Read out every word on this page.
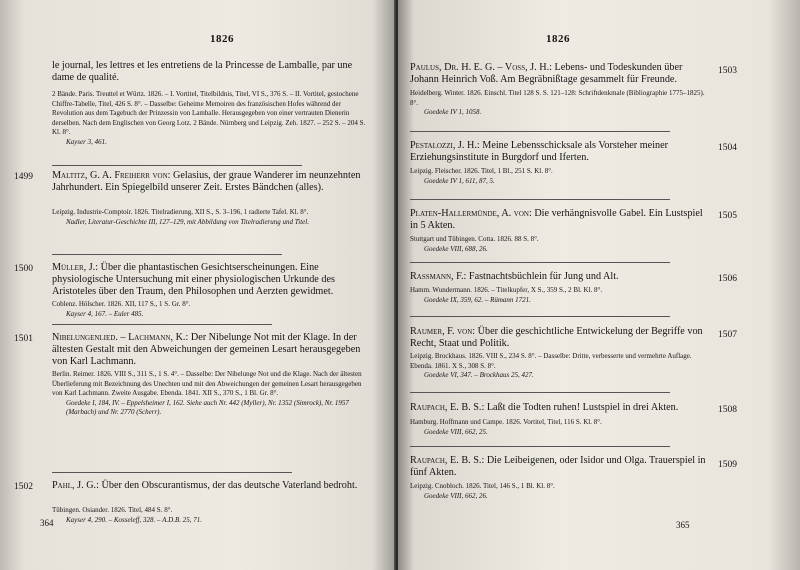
1826
le journal, les lettres et les entretiens de la Princesse de Lamballe, par une dame de qualité.
2 Bände. Paris. Treuttel et Würtz. 1826. – I. Vortitel, Titelbildnis, Titel, VI S., 376 S. – II. Vortitel, gestochene Chiffre-Tabelle, Titel, 426 S. 8°. – Dasselbe: Geheime Memoiren des französischen Hofes während der Revolution aus dem Tagebuch der Prinzessin von Lamballe. Herausgegeben von einer vertrauten Dienerin derselben. Nach dem Englischen von Georg Lotz. 2 Bände. Nürnberg und Leipzig. Zeh. 1827. – 252 S. – 204 S. Kl. 8°.
Kayser 3, 461.
1499 Maltitz, G. A. Freiherr von: Gelasius, der graue Wanderer im neunzehnten Jahrhundert. Ein Spiegelbild unserer Zeit. Erstes Bändchen (alles).
Leipzig. Industrie-Comptoir. 1826. Titelradierung, XII S., S. 3–196, 1 radierte Tafel. Kl. 8°.
Nadler, Literatur-Geschichte III, 127–129, mit Abbildung von Titelradierung und Titel.
1500 Müller, J.: Über die phantastischen Gesichtserscheinungen. Eine physiologische Untersuchung mit einer physiologischen Urkunde des Aristoteles über den Traum, den Philosophen und Aerzten gewidmet.
Coblenz. Hölscher. 1826. XII, 117 S., 1 S. Gr. 8°.
Kayser 4, 167. – Euler 485.
1501 Nibelungenlied. – Lachmann, K.: Der Nibelunge Not mit der Klage. In der ältesten Gestalt mit den Abweichungen der gemeinen Lesart herausgegeben von Karl Lachmann.
Berlin. Reimer. 1826. VIII S., 311 S., 1 S. 4°. – Dasselbe: Der Nibelunge Not und die Klage. Nach der ältesten Überlieferung mit Bezeichnung des Unechten und mit den Abweichungen der gemeinen Lesart herausgegeben von Karl Lachmann. Zweite Ausgabe. Ebenda. 1841. XII S., 370 S., 1 Bl. Gr. 8°.
Goedeke I, 184, IV. – Eppelsheimer I, 162. Siehe auch Nr. 442 (Myller), Nr. 1352 (Simrock), Nr. 1957 (Marbach) und Nr. 2770 (Scherr).
1502 Pahl, J. G.: Über den Obscurantismus, der das deutsche Vaterland bedroht.
Tübingen. Osiander. 1826. Titel, 484 S. 8°.
Kayser 4, 290. – Kosseleff, 328. – A.D.B. 25, 71.
364
1826
1503
Paulus, Dr. H. E. G. – Voss, J. H.: Lebens- und Todeskunden über Johann Heinrich Voß. Am Begräbnißtage gesammelt für Freunde.
Heidelberg. Winter. 1826. Einschl. Titel 128 S. S. 121–128: Schriftdenkmale (Bibliographie 1775–1825). 8°.
Goedeke IV 1, 1058.
1504
Pestalozzi, J. H.: Meine Lebensschicksale als Vorsteher meiner Erziehungsinstitute in Burgdorf und Iferten.
Leipzig. Fleischer. 1826. Titel, 1 Bl., 251 S. Kl. 8°.
Goedeke IV 1, 611, 87, 5.
1505
Platen-Hallermünde, A. von: Die verhängnisvolle Gabel. Ein Lustspiel in 5 Akten.
Stuttgart und Tübingen. Cotta. 1826. 88 S. 8°.
Goedeke VIII, 688, 26.
1506
Rassmann, F.: Fastnachtsbüchlein für Jung und Alt.
Hamm. Wundermann. 1826. – Titelkupfer, X S., 359 S., 2 Bl. Kl. 8°.
Goedeke IX, 359, 62. – Rümann 1721.
1507
Raumer, F. von: Über die geschichtliche Entwickelung der Begriffe von Recht, Staat und Politik.
Leipzig. Brockhaus. 1826. VIII S., 234 S. 8°. – Dasselbe: Dritte, verbesserte und vermehrte Auflage. Ebenda. 1861. X S., 308 S. 8°.
Goedeke VI, 347. – Brockhaus 25, 427.
1508
Raupach, E. B. S.: Laßt die Todten ruhen! Lustspiel in drei Akten.
Hamburg. Hoffmann und Campe. 1826. Vortitel, Titel, 116 S. Kl. 8°.
Goedeke VIII, 662, 25.
1509
Raupach, E. B. S.: Die Leibeigenen, oder Isidor und Olga. Trauerspiel in fünf Akten.
Leipzig. Cnobloch. 1826. Titel, 146 S., 1 Bl. Kl. 8°.
Goedeke VIII, 662, 26.
365
